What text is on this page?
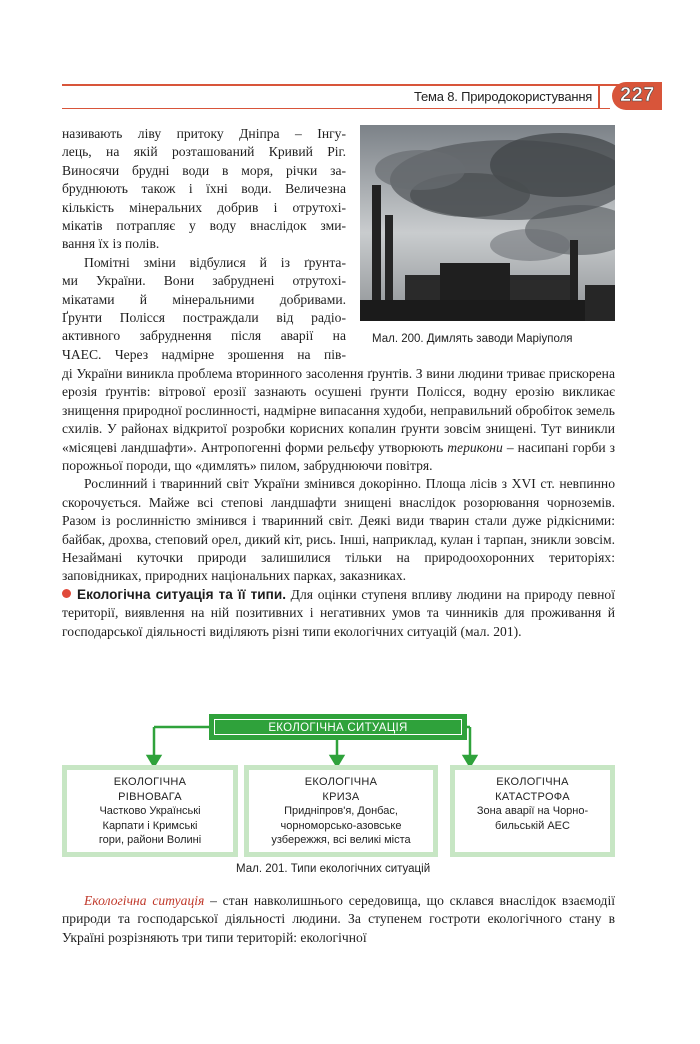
Тема 8. Природокористування 227
називають ліву притоку Дніпра – Інгу-
лець, на якій розташований Кривий Ріг.
Виносячи брудні води в моря, річки за-
бруднюють також і їхні води. Величезна
кількість мінеральних добрив і отрутохі-
мікатів потрапляє у воду внаслідок зми-
вання їх із полів.
Помітні зміни відбулися й із ґрунта-
ми України. Вони забруднені отрутохі-
мікатами й мінеральними добривами.
Ґрунти Полісся постраждали від радіо-
активного забруднення після аварії на
ЧАЕС. Через надмірне зрошення на пів-
Мал. 200. Димлять заводи Маріуполя

ді України виникла проблема вторинного засолення ґрунтів. З вини людини триває прискорена ерозія ґрунтів: вітрової ерозії зазнають осушені ґрунти Полісся, водну ерозію викликає знищення природної рослинності, надмірне випасання худоби, неправильний обробіток земель схилів. У районах відкритої розробки корисних копалин ґрунти зовсім знищені. Тут виникли «місяцеві ландшафти». Антропогенні форми рельєфу утворюють терикони – насипані горби з порожньої породи, що «димлять» пилом, забруднюючи повітря.

Рослинний і тваринний світ України змінився докорінно. Площа лісів з XVI ст. невпинно скорочується. Майже всі степові ландшафти знищені внаслідок розорювання чорноземів. Разом із рослинністю змінився і тваринний світ. Деякі види тварин стали дуже рідкісними: байбак, дрохва, степовий орел, дикий кіт, рись. Інші, наприклад, кулан і тарпан, зникли зовсім. Незаймані куточки природи залишилися тільки на природоохоронних територіях: заповідниках, природних національних парках, заказниках.

Екологічна ситуація та її типи. Для оцінки ступеня впливу людини на природу певної території, виявлення на ній позитивних і негативних умов та чинників для проживання й господарської діяльності виділяють різні типи екологічних ситуацій (мал. 201).

ЕКОЛОГІЧНА СИТУАЦІЯ
ЕКОЛОГІЧНА
РІВНОВАГА
Частково Українські
Карпати і Кримські
гори, райони Волині
ЕКОЛОГІЧНА
КРИЗА
Придніпров'я, Донбас,
чорноморсько-азовське
узбережжя, всі великі міста
ЕКОЛОГІЧНА
КАТАСТРОФА
Зона аварії на Чорно-
бильській АЕС
Мал. 201. Типи екологічних ситуацій

Екологічна ситуація – стан навколишнього середовища, що склався внаслідок взаємодії природи та господарської діяльності людини. За ступенем гостроти екологічного стану в Україні розрізняють три типи територій: екологічної
